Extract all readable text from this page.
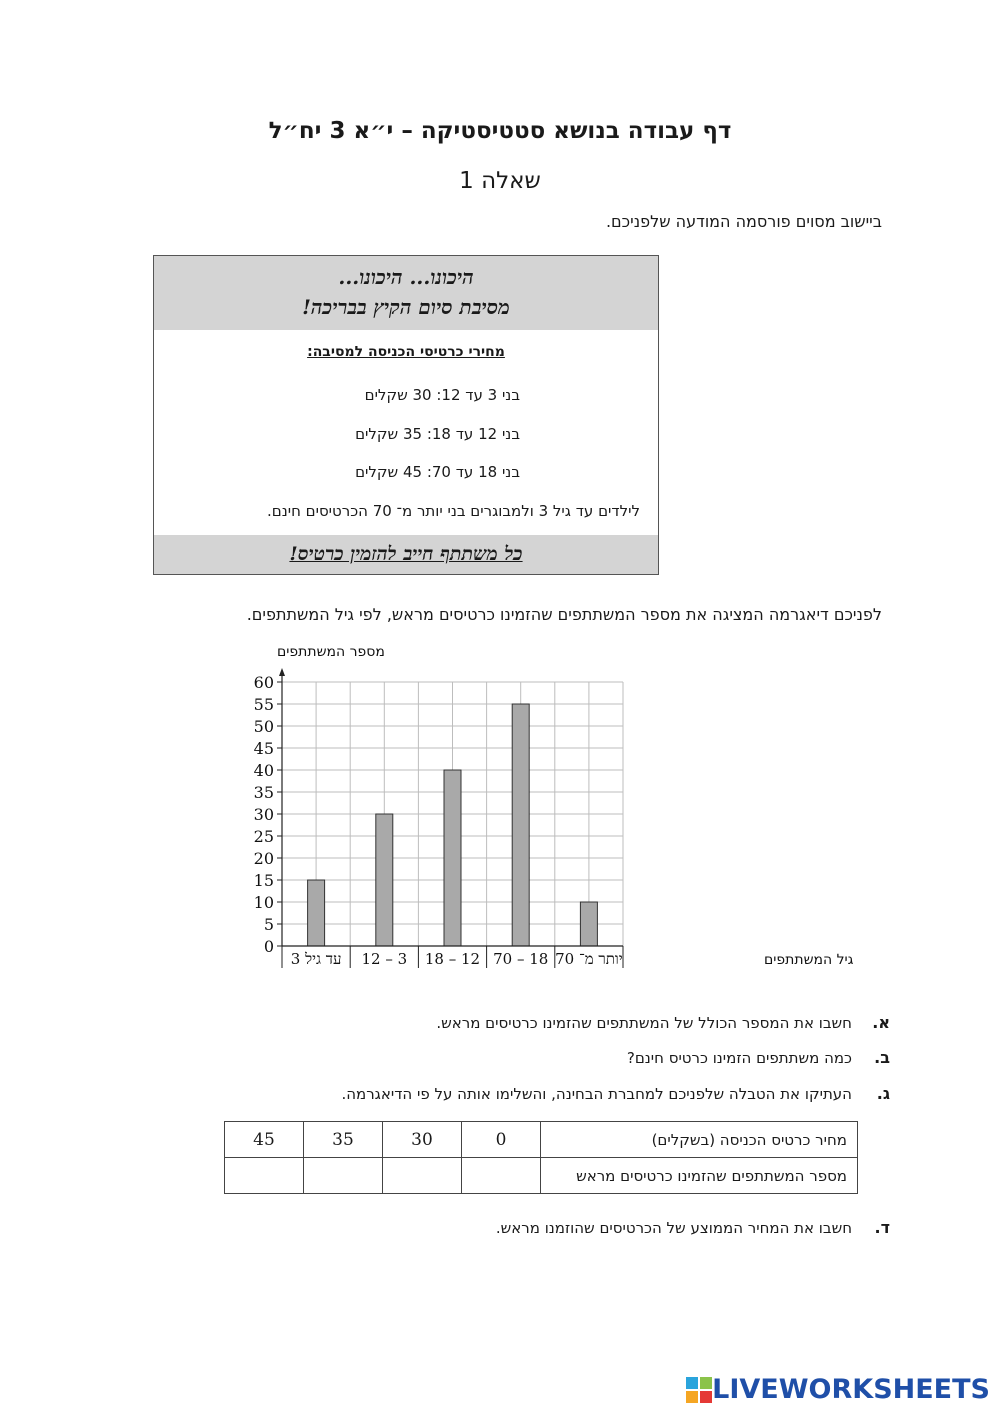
דף עבודה בנושא סטטיסטיקה – י״א 3 יח״ל
שאלה 1
ביישוב מסוים פורסמה המודעה שלפניכם.
היכונו... היכונו...
מסיבת סיום הקיץ בבריכה!
מחירי כרטיסי הכניסה למסיבה:
בני 3 עד 12: 30 שקלים
בני 12 עד 18: 35 שקלים
בני 18 עד 70: 45 שקלים
לילדים עד גיל 3 ולמבוגרים בני יותר מ־ 70 הכרטיסים חינם.
כל משתתף חייב להזמין כרטיס!
לפניכם דיאגרמה המציגה את מספר המשתתפים שהזמינו כרטיסים מראש, לפי גיל המשתתפים.
0
5
10
15
20
25
30
35
40
45
50
55
60
עד גיל 3 3 – 12 12 – 18 18 – 70 יותר מ־ 70
מספר המשתתפים
גיל המשתתפים
א.
חשבו את המספר הכולל של המשתתפים שהזמינו כרטיסים מראש.
ב.
כמה משתתפים הזמינו כרטיס חינם?
ג.
העתיקו את הטבלה שלפניכם למחברת הבחינה, והשלימו אותה על פי הדיאגרמה.
מחיר כרטיס הכניסה (בשקלים)	0	30	35	45
מספר המשתתפים שהזמינו כרטיסים מראש				
ד.
חשבו את המחיר הממוצע של הכרטיסים שהוזמנו מראש.
LIVEWORKSHEETS
